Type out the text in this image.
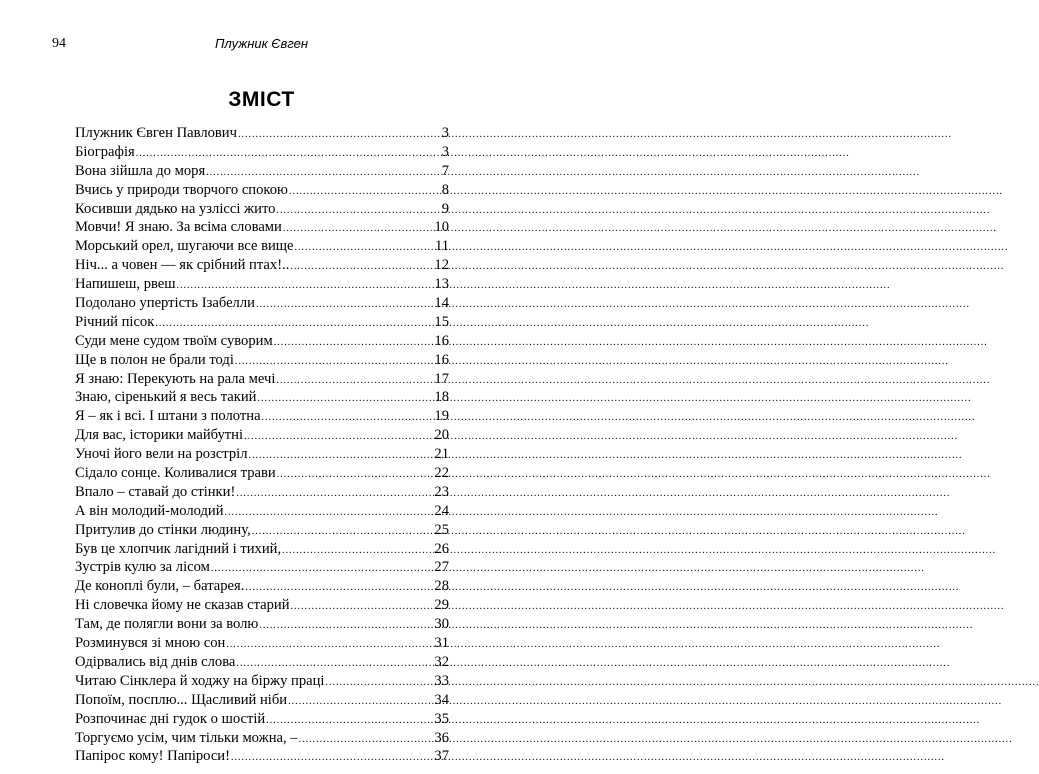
94	Плужник Євген
ЗМІСТ
Плужник Євген Павлович .....	3
Біографія .....	3
Вона зійшла до моря .....	7
Вчись у природи творчого спокою .....	8
Косивши дядько на узліссі жито .....	9
Мовчи! Я знаю. За всіма словами .....	10
Морський орел, шугаючи все вище .....	11
Ніч... а човен — як срібний птах!.. .....	12
Напишеш, рвеш .....	13
Подолано упертість Ізабелли .....	14
Річний пісок .....	15
Суди мене судом твоїм суворим .....	16
Ще в полон не брали тоді .....	16
Я знаю: Перекують на рала мечі .....	17
Знаю, сіренький я весь такий .....	18
Я – як і всі. І штани з полотна .....	19
Для вас, історики майбутні .....	20
Уночі його вели на розстріл .....	21
Сідало сонце. Коливалися трави .....	22
Впало – ставай до стінки! .....	23
А він молодий-молодий .....	24
Притулив до стінки людину, .....	25
Був це хлопчик лагідний і тихий, .....	26
Зустрів кулю за лісом .....	27
Де коноплі були, – батарея. .....	28
Ні словечка йому не сказав старий .....	29
Там, де полягли вони за волю .....	30
Розминувся зі мною сон .....	31
Одірвались від днів слова .....	32
Читаю Сінклера й ходжу на біржу праці .....	33
Попоїм, посплю... Щасливий ніби .....	34
Розпочинає дні гудок о шостій .....	35
Торгуємо усім, чим тільки можна, – .....	36
Папірос кому! Папіроси! .....	37
